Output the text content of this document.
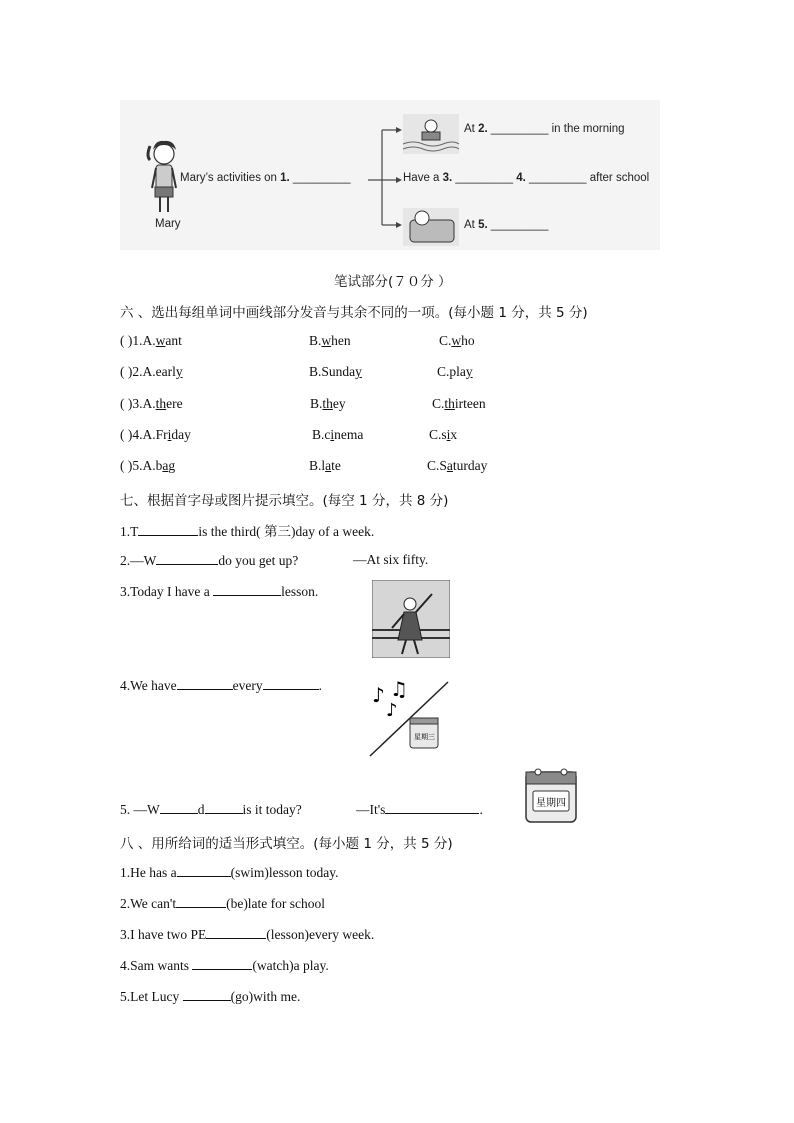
Mary
Mary’s activities on 1. _________
At 2. _________ in the morning
Have a 3. _________ 4. _________ after school
At 5. _________
笔试部分(７０分 ）
六 、选出每组单词中画线部分发音与其余不同的一项。(每小题 1 分，共 5 分)
( )1.A.want	B.when	C.who
( )2.A.early	B.Sunday	C.play
( )3.A.there	B.they	C.thirteen
( )4.A.Friday	B.cinema	C.six
( )5.A.bag	B.late	C.Saturday
七、根据首字母或图片提示填空。(每空 1 分，共 8 分)
1.T	is the third( 第三)day of a week.
2.—W	do you get up?	—At six fifty.
3.Today I have a	lesson.
4.We have	every	.	♪ ♫
♪
星期三
5. —W	d	is it today?	—It's	.	星期四
八 、用所给词的适当形式填空。(每小题 1 分，共 5 分)
1.He has a	(swim)lesson today.
2.We can't	(be)late for school
3.I have two PE	(lesson)every week.
4.Sam wants	(watch)a play.
5.Let Lucy	(go)with me.
